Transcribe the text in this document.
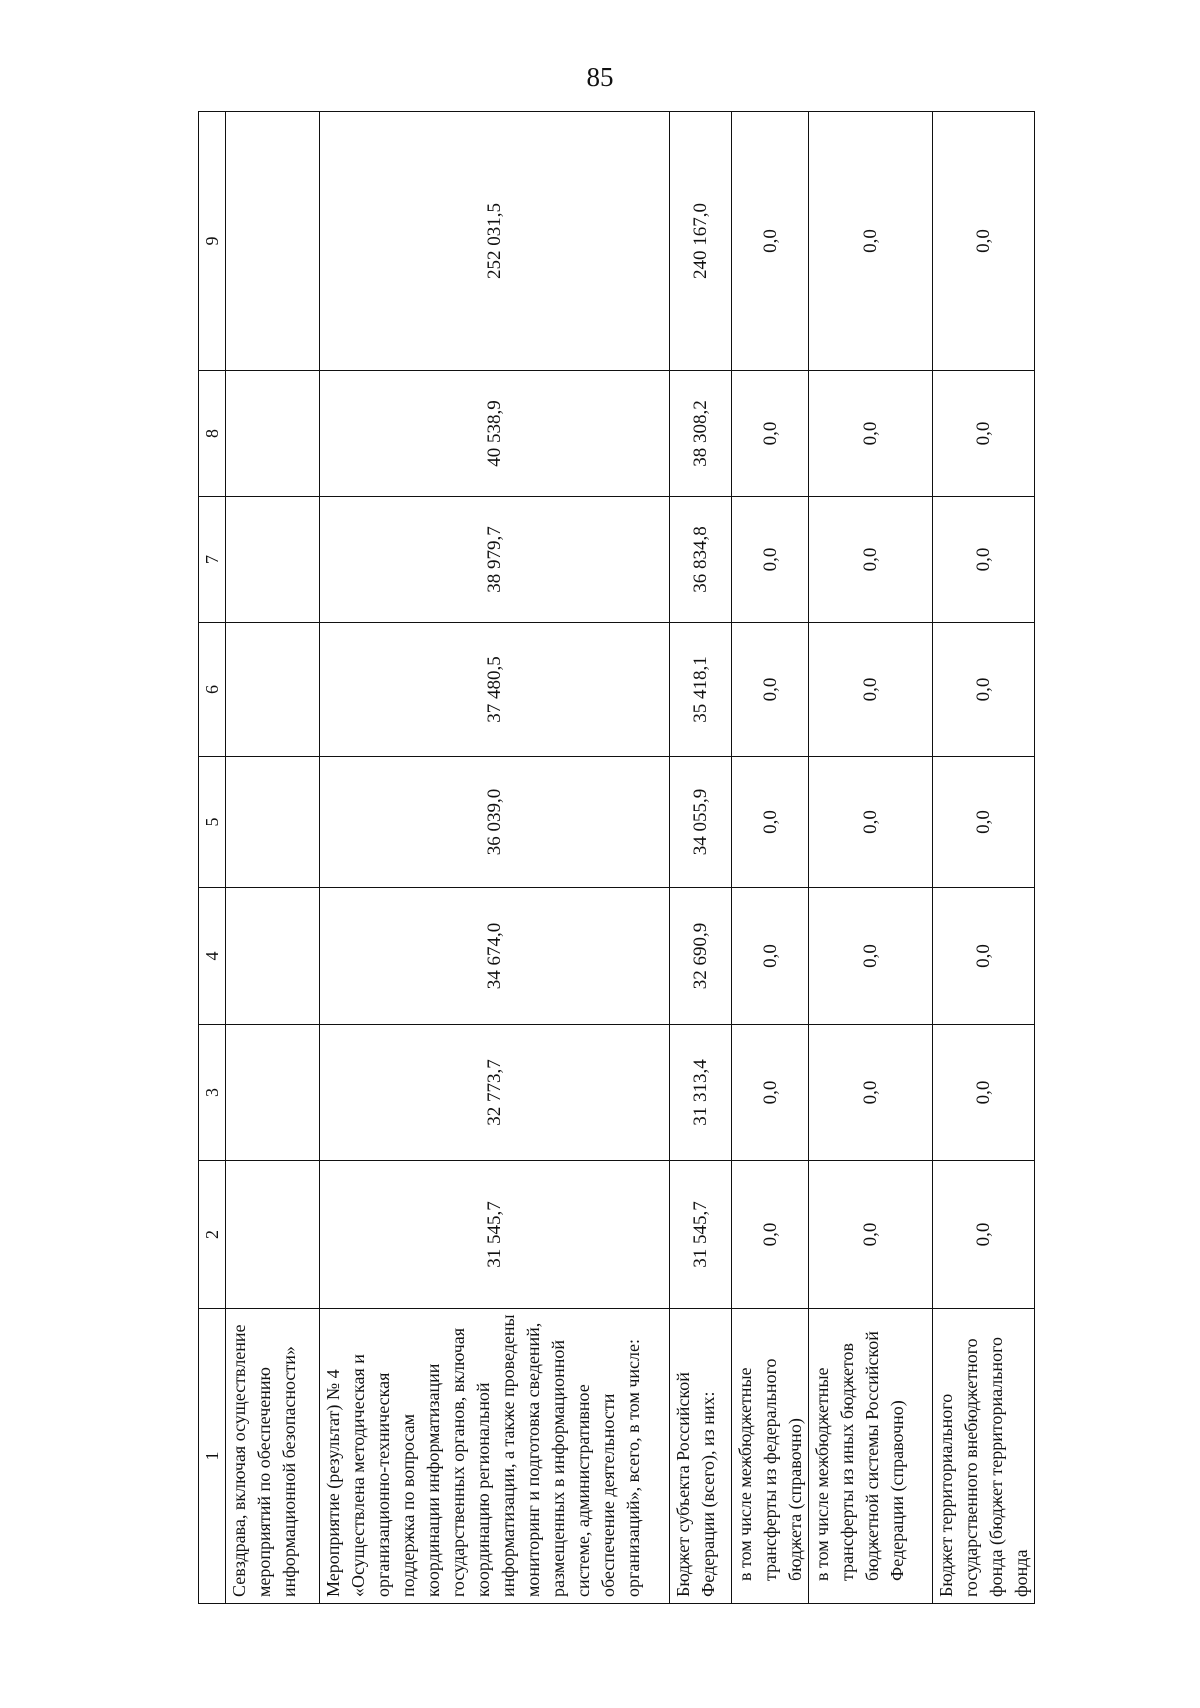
85
1	2	3	4	5	6	7	8	9
Севздрава, включая осуществление мероприятий по обеспечению информационной безопасности»								
Мероприятие (результат) № 4 «Осуществлена методическая и организационно-техническая поддержка по вопросам координации информатизации государственных органов, включая координацию региональной информатизации, а также проведены мониторинг и подготовка сведений, размещенных в информационной системе, административное обеспечение деятельности организаций», всего, в том числе:	31 545,7	32 773,7	34 674,0	36 039,0	37 480,5	38 979,7	40 538,9	252 031,5
Бюджет субъекта Российской Федерации (всего), из них:	31 545,7	31 313,4	32 690,9	34 055,9	35 418,1	36 834,8	38 308,2	240 167,0
в том числе межбюджетные трансферты из федерального бюджета (справочно)	0,0	0,0	0,0	0,0	0,0	0,0	0,0	0,0
в том числе межбюджетные трансферты из иных бюджетов бюджетной системы Российской Федерации (справочно)	0,0	0,0	0,0	0,0	0,0	0,0	0,0	0,0
Бюджет территориального государственного внебюджетного фонда (бюджет территориального фонда	0,0	0,0	0,0	0,0	0,0	0,0	0,0	0,0
